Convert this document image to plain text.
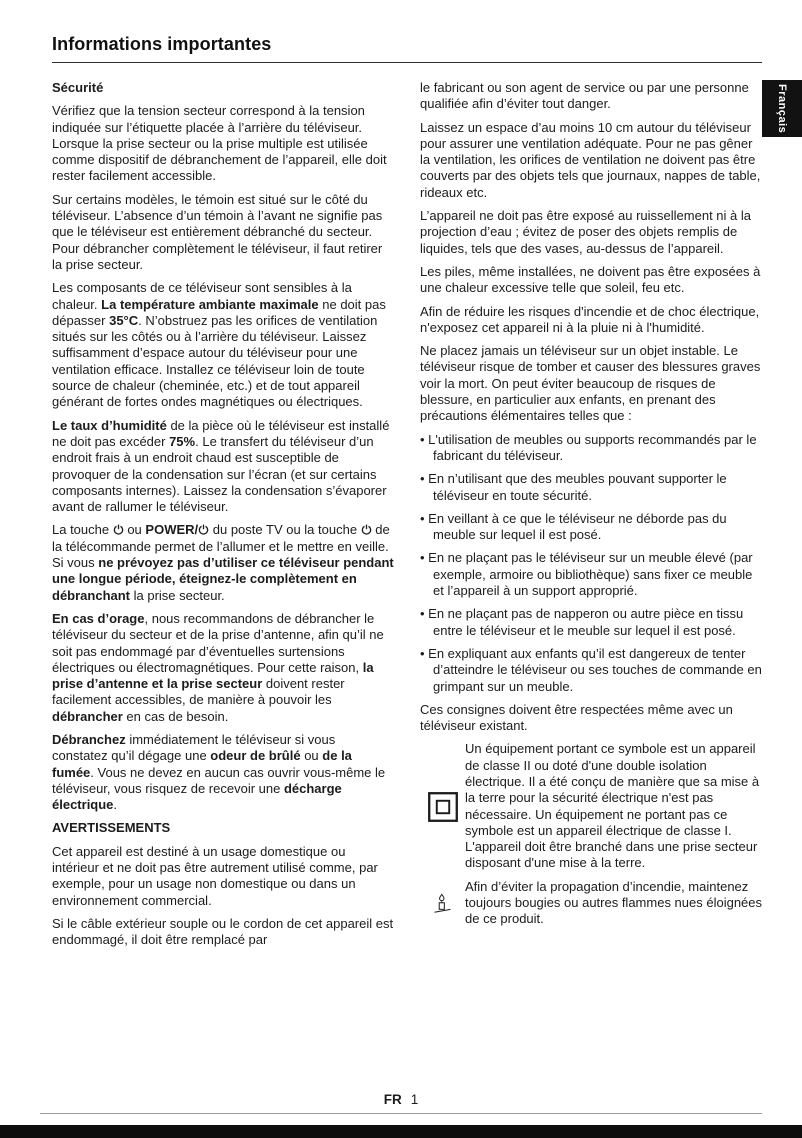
Informations importantes
Français

Sécurité

Vérifiez que la tension secteur correspond à la tension indiquée sur l’étiquette placée à l’arrière du téléviseur. Lorsque la prise secteur ou la prise multiple est utilisée comme dispositif de débranchement de l’appareil, elle doit rester facilement accessible.

Sur certains modèles, le témoin est situé sur le côté du téléviseur. L’absence d’un témoin à l’avant ne signifie pas que le téléviseur est entièrement débranché du secteur. Pour débrancher complètement le téléviseur, il faut retirer la prise secteur.

Les composants de ce téléviseur sont sensibles à la chaleur. La température ambiante maximale ne doit pas dépasser 35°C. N’obstruez pas les orifices de ventilation situés sur les côtés ou à l’arrière du téléviseur. Laissez suffisamment d’espace autour du téléviseur pour une ventilation efficace. Installez ce téléviseur loin de toute source de chaleur (cheminée, etc.) et de tout appareil générant de fortes ondes magnétiques ou électriques.

Le taux d’humidité de la pièce où le téléviseur est installé ne doit pas excéder 75%. Le transfert du téléviseur d’un endroit frais à un endroit chaud est susceptible de provoquer de la condensation sur l’écran (et sur certains composants internes). Laissez la condensation s’évaporer avant de rallumer le téléviseur.

La touche  ou POWER/ du poste TV ou la touche  de la télécommande permet de l’allumer et le mettre en veille. Si vous ne prévoyez pas d’utiliser ce téléviseur pendant une longue période, éteignez-le complètement en débranchant la prise secteur.

En cas d’orage, nous recommandons de débrancher le téléviseur du secteur et de la prise d’antenne, afin qu’il ne soit pas endommagé par d’éventuelles surtensions électriques ou électromagnétiques. Pour cette raison, la prise d’antenne et la prise secteur doivent rester facilement accessibles, de manière à pouvoir les débrancher en cas de besoin.

Débranchez immédiatement le téléviseur si vous constatez qu’il dégage une odeur de brûlé ou de la fumée. Vous ne devez en aucun cas ouvrir vous-même le téléviseur, vous risquez de recevoir une décharge électrique.

AVERTISSEMENTS

Cet appareil est destiné à un usage domestique ou intérieur et ne doit pas être autrement utilisé comme, par exemple, pour un usage non domestique ou dans un environnement commercial.

Si le câble extérieur souple ou le cordon de cet appareil est endommagé, il doit être remplacé par

le fabricant ou son agent de service ou par une personne qualifiée afin d’éviter tout danger.

Laissez un espace d’au moins 10 cm autour du téléviseur pour assurer une ventilation adéquate. Pour ne pas gêner la ventilation, les orifices de ventilation ne doivent pas être couverts par des objets tels que journaux, nappes de table, rideaux etc.

L’appareil ne doit pas être exposé au ruissellement ni à la projection d’eau ; évitez de poser des objets remplis de liquides, tels que des vases, au-dessus de l’appareil.

Les piles, même installées, ne doivent pas être exposées à une chaleur excessive telle que soleil, feu etc.

Afin de réduire les risques d'incendie et de choc électrique, n'exposez cet appareil ni à la pluie ni à l'humidité.

Ne placez jamais un téléviseur sur un objet instable. Le téléviseur risque de tomber et causer des blessures graves voir la mort. On peut éviter beaucoup de risques de blessure, en particulier aux enfants, en prenant des précautions élémentaires telles que :

• L'utilisation de meubles ou supports recommandés par le fabricant du téléviseur.

• En n’utilisant que des meubles pouvant supporter le téléviseur en toute sécurité.

• En veillant à ce que le téléviseur ne déborde pas du meuble sur lequel il est posé.

• En ne plaçant pas le téléviseur sur un meuble élevé (par exemple, armoire ou bibliothèque) sans fixer ce meuble et l’appareil à un support approprié.

• En ne plaçant pas de napperon ou autre pièce en tissu entre le téléviseur et le meuble sur lequel il est posé.

• En expliquant aux enfants qu’il est dangereux de tenter d’atteindre le téléviseur ou ses touches de commande en grimpant sur un meuble.

Ces consignes doivent être respectées même avec un téléviseur existant.

Un équipement portant ce symbole est un appareil de classe II ou doté d'une double isolation électrique. Il a été conçu de manière que sa mise à la terre pour la sécurité électrique n'est pas nécessaire. Un équipement ne portant pas ce symbole est un appareil électrique de classe I. L'appareil doit être branché dans une prise secteur disposant d'une mise à la terre.

Afin d’éviter la propagation d’incendie, maintenez toujours bougies ou autres flammes nues éloignées de ce produit.

FR 1
